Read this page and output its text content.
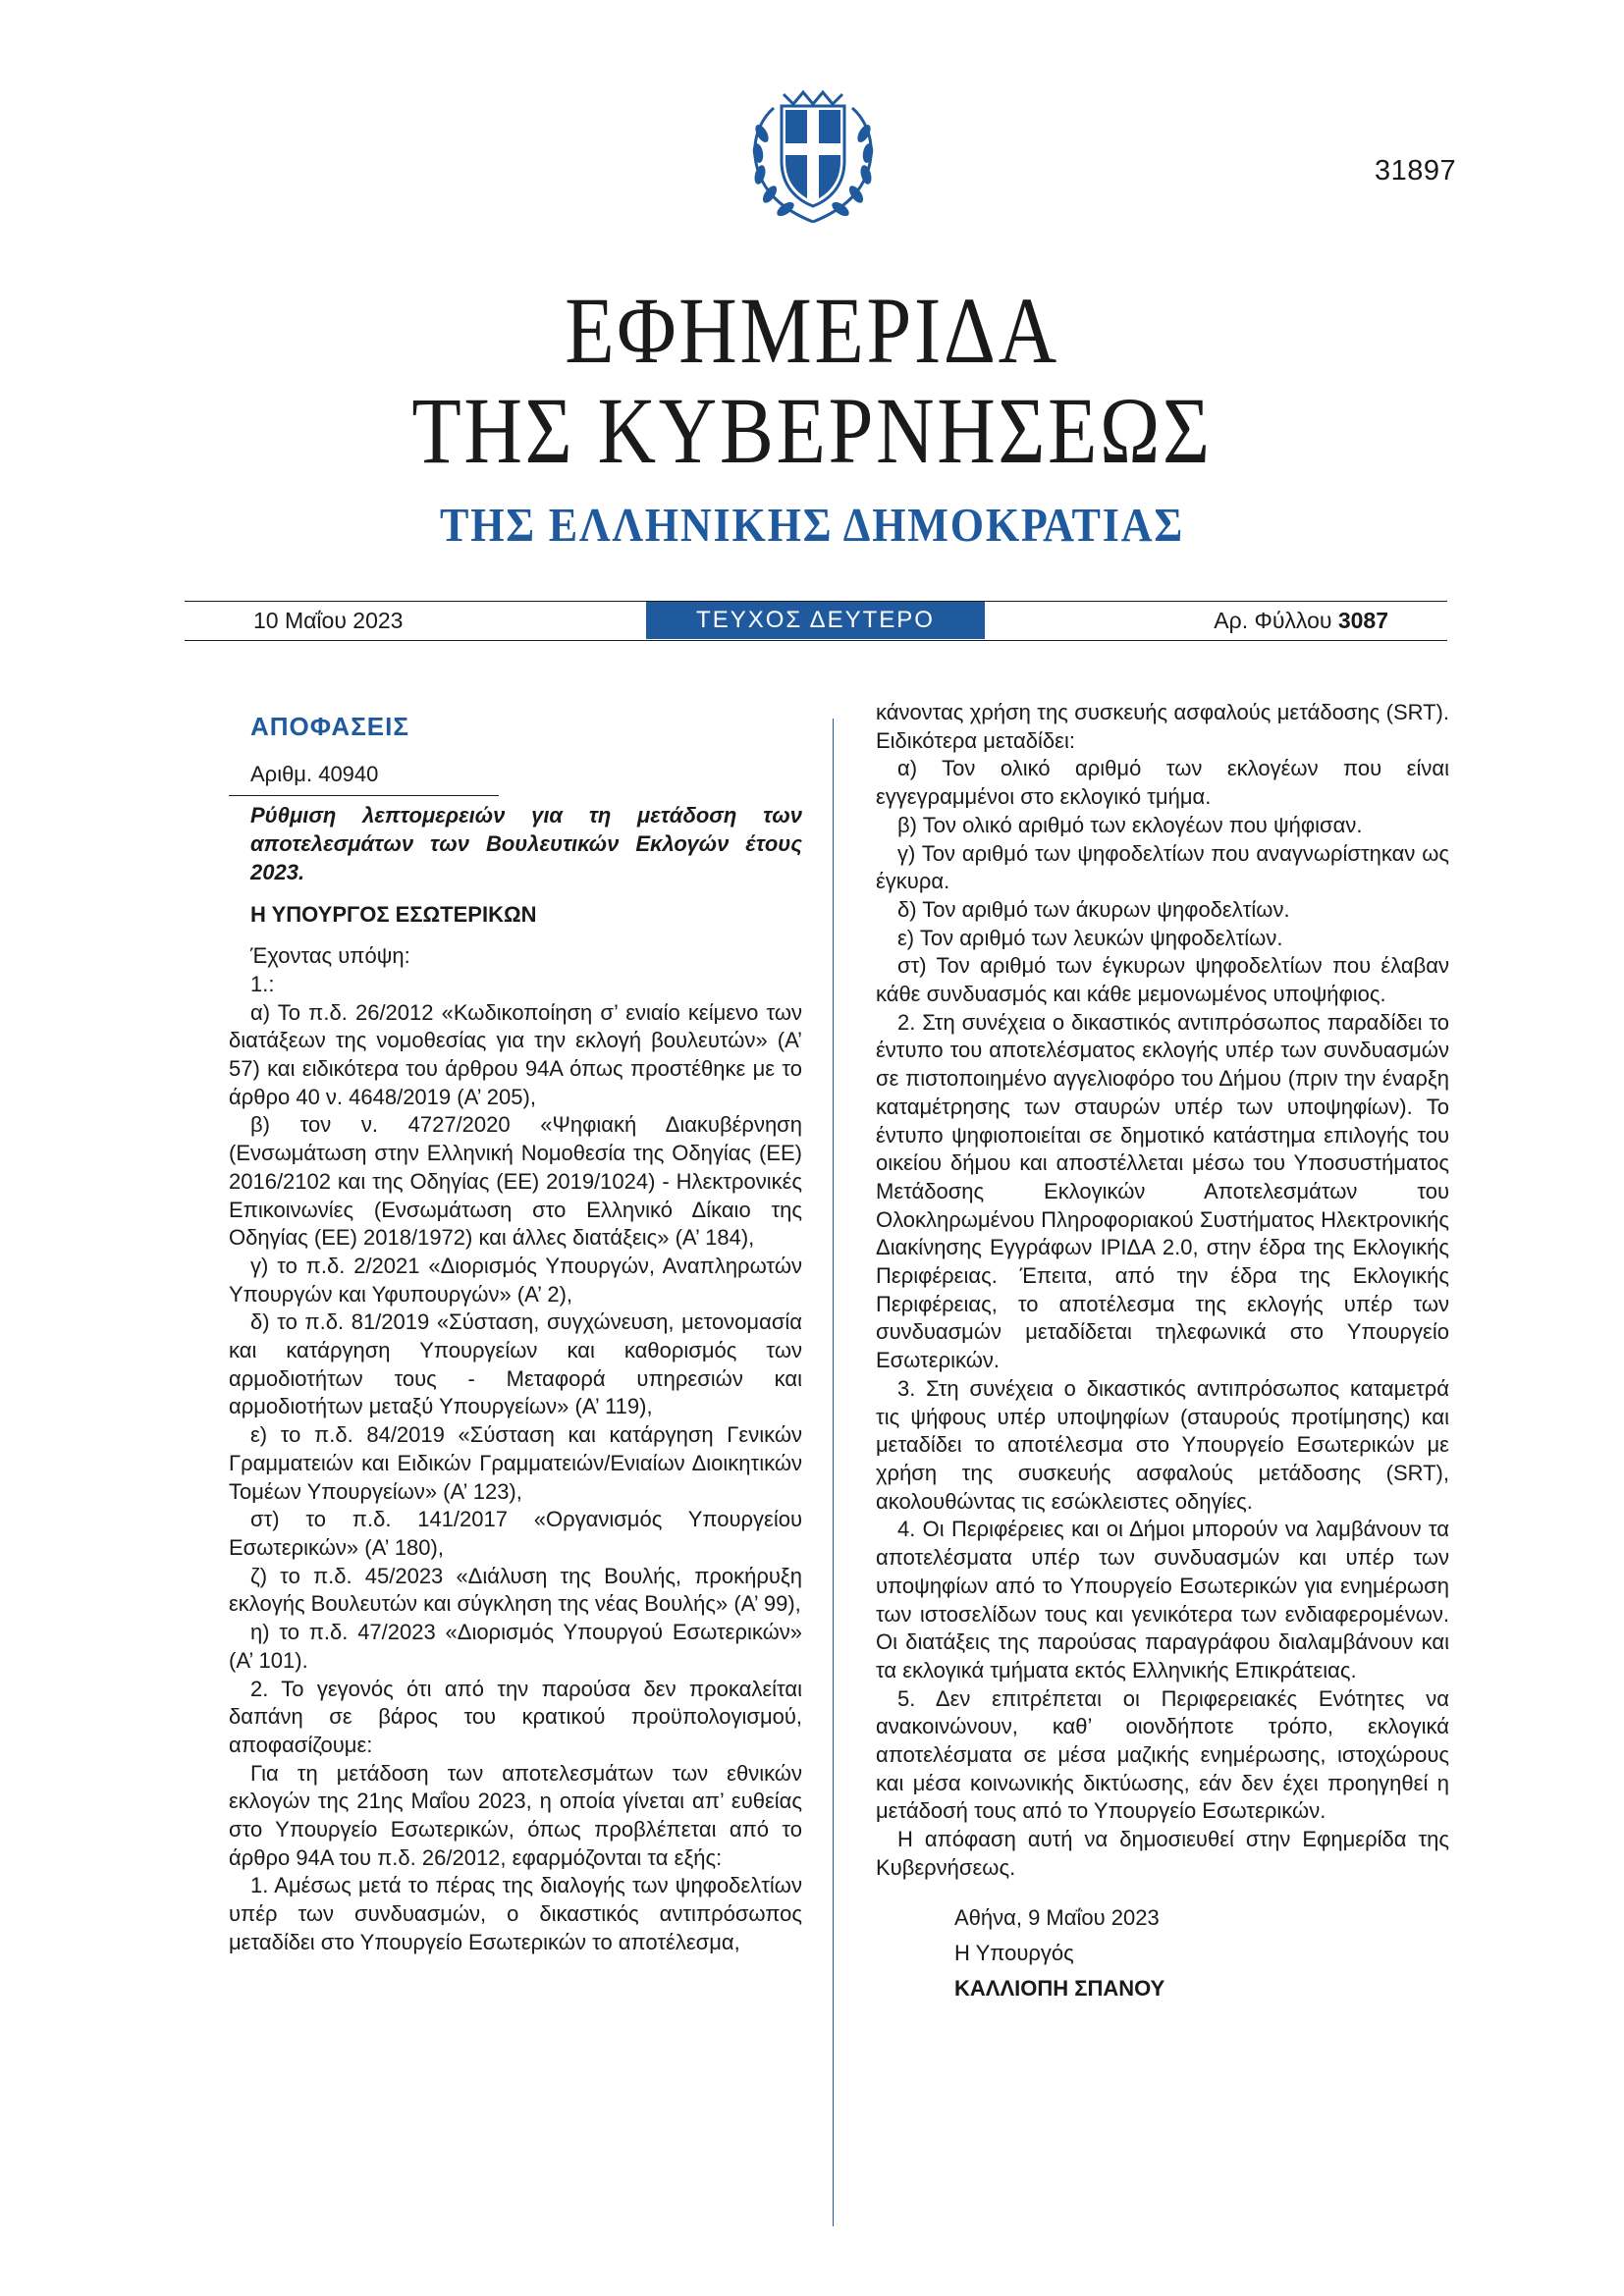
31897
ΕΦΗΜΕΡΙΔΑ
ΤΗΣ ΚΥΒΕΡΝΗΣΕΩΣ
ΤΗΣ ΕΛΛΗΝΙΚΗΣ ΔΗΜΟΚΡΑΤΙΑΣ
10 Μαΐου 2023	ΤΕΥΧΟΣ ΔΕΥΤΕΡΟ	Αρ. Φύλλου 3087
ΑΠΟΦΑΣΕΙΣ
Αριθμ. 40940
Ρύθμιση λεπτομερειών για τη μετάδοση των αποτελεσμάτων των Βουλευτικών Εκλογών έτους 2023.
Η ΥΠΟΥΡΓΟΣ ΕΣΩΤΕΡΙΚΩΝ

Έχοντας υπόψη:

1.:

α) Το π.δ. 26/2012 «Κωδικοποίηση σ’ ενιαίο κείμενο των διατάξεων της νομοθεσίας για την εκλογή βουλευτών» (Α’ 57) και ειδικότερα του άρθρου 94Α όπως προστέθηκε με το άρθρο 40 ν. 4648/2019 (Α’ 205),

β) τον ν. 4727/2020 «Ψηφιακή Διακυβέρνηση (Ενσωμάτωση στην Ελληνική Νομοθεσία της Οδηγίας (ΕΕ) 2016/2102 και της Οδηγίας (ΕΕ) 2019/1024) - Ηλεκτρονικές Επικοινωνίες (Ενσωμάτωση στο Ελληνικό Δίκαιο της Οδηγίας (ΕΕ) 2018/1972) και άλλες διατάξεις» (Α’ 184),

γ) το π.δ. 2/2021 «Διορισμός Υπουργών, Αναπληρωτών Υπουργών και Υφυπουργών» (Α’ 2),

δ) το π.δ. 81/2019 «Σύσταση, συγχώνευση, μετονομασία και κατάργηση Υπουργείων και καθορισμός των αρμοδιοτήτων τους - Μεταφορά υπηρεσιών και αρμοδιοτήτων μεταξύ Υπουργείων» (Α’ 119),

ε) το π.δ. 84/2019 «Σύσταση και κατάργηση Γενικών Γραμματειών και Ειδικών Γραμματειών/Ενιαίων Διοικητικών Τομέων Υπουργείων» (Α’ 123),

στ) το π.δ. 141/2017 «Οργανισμός Υπουργείου Εσωτερικών» (Α’ 180),

ζ) το π.δ. 45/2023 «Διάλυση της Βουλής, προκήρυξη εκλογής Βουλευτών και σύγκληση της νέας Βουλής» (Α’ 99),

η) το π.δ. 47/2023 «Διορισμός Υπουργού Εσωτερικών» (Α’ 101).

2. Το γεγονός ότι από την παρούσα δεν προκαλείται δαπάνη σε βάρος του κρατικού προϋπολογισμού, αποφασίζουμε:

Για τη μετάδοση των αποτελεσμάτων των εθνικών εκλογών της 21ης Μαΐου 2023, η οποία γίνεται απ’ ευθείας στο Υπουργείο Εσωτερικών, όπως προβλέπεται από το άρθρο 94Α του π.δ. 26/2012, εφαρμόζονται τα εξής:

1. Αμέσως μετά το πέρας της διαλογής των ψηφοδελτίων υπέρ των συνδυασμών, ο δικαστικός αντιπρόσωπος μεταδίδει στο Υπουργείο Εσωτερικών το αποτέλεσμα,

κάνοντας χρήση της συσκευής ασφαλούς μετάδοσης (SRT). Ειδικότερα μεταδίδει:

α) Τον ολικό αριθμό των εκλογέων που είναι εγγεγραμμένοι στο εκλογικό τμήμα.

β) Τον ολικό αριθμό των εκλογέων που ψήφισαν.

γ) Τον αριθμό των ψηφοδελτίων που αναγνωρίστηκαν ως έγκυρα.

δ) Τον αριθμό των άκυρων ψηφοδελτίων.

ε) Τον αριθμό των λευκών ψηφοδελτίων.

στ) Τον αριθμό των έγκυρων ψηφοδελτίων που έλαβαν κάθε συνδυασμός και κάθε μεμονωμένος υποψήφιος.

2. Στη συνέχεια ο δικαστικός αντιπρόσωπος παραδίδει το έντυπο του αποτελέσματος εκλογής υπέρ των συνδυασμών σε πιστοποιημένο αγγελιοφόρο του Δήμου (πριν την έναρξη καταμέτρησης των σταυρών υπέρ των υποψηφίων). Το έντυπο ψηφιοποιείται σε δημοτικό κατάστημα επιλογής του οικείου δήμου και αποστέλλεται μέσω του Υποσυστήματος Μετάδοσης Εκλογικών Αποτελεσμάτων του Ολοκληρωμένου Πληροφοριακού Συστήματος Ηλεκτρονικής Διακίνησης Εγγράφων ΙΡΙΔΑ 2.0, στην έδρα της Εκλογικής Περιφέρειας. Έπειτα, από την έδρα της Εκλογικής Περιφέρειας, το αποτέλεσμα της εκλογής υπέρ των συνδυασμών μεταδίδεται τηλεφωνικά στο Υπουργείο Εσωτερικών.

3. Στη συνέχεια ο δικαστικός αντιπρόσωπος καταμετρά τις ψήφους υπέρ υποψηφίων (σταυρούς προτίμησης) και μεταδίδει το αποτέλεσμα στο Υπουργείο Εσωτερικών με χρήση της συσκευής ασφαλούς μετάδοσης (SRT), ακολουθώντας τις εσώκλειστες οδηγίες.

4. Οι Περιφέρειες και οι Δήμοι μπορούν να λαμβάνουν τα αποτελέσματα υπέρ των συνδυασμών και υπέρ των υποψηφίων από το Υπουργείο Εσωτερικών για ενημέρωση των ιστοσελίδων τους και γενικότερα των ενδιαφερομένων. Οι διατάξεις της παρούσας παραγράφου διαλαμβάνουν και τα εκλογικά τμήματα εκτός Ελληνικής Επικράτειας.

5. Δεν επιτρέπεται οι Περιφερειακές Ενότητες να ανακοινώνουν, καθ’ οιονδήποτε τρόπο, εκλογικά αποτελέσματα σε μέσα μαζικής ενημέρωσης, ιστοχώρους και μέσα κοινωνικής δικτύωσης, εάν δεν έχει προηγηθεί η μετάδοσή τους από το Υπουργείο Εσωτερικών.

Η απόφαση αυτή να δημοσιευθεί στην Εφημερίδα της Κυβερνήσεως.

Αθήνα, 9 Μαΐου 2023
Η Υπουργός
ΚΑΛΛΙΟΠΗ ΣΠΑΝΟΥ
